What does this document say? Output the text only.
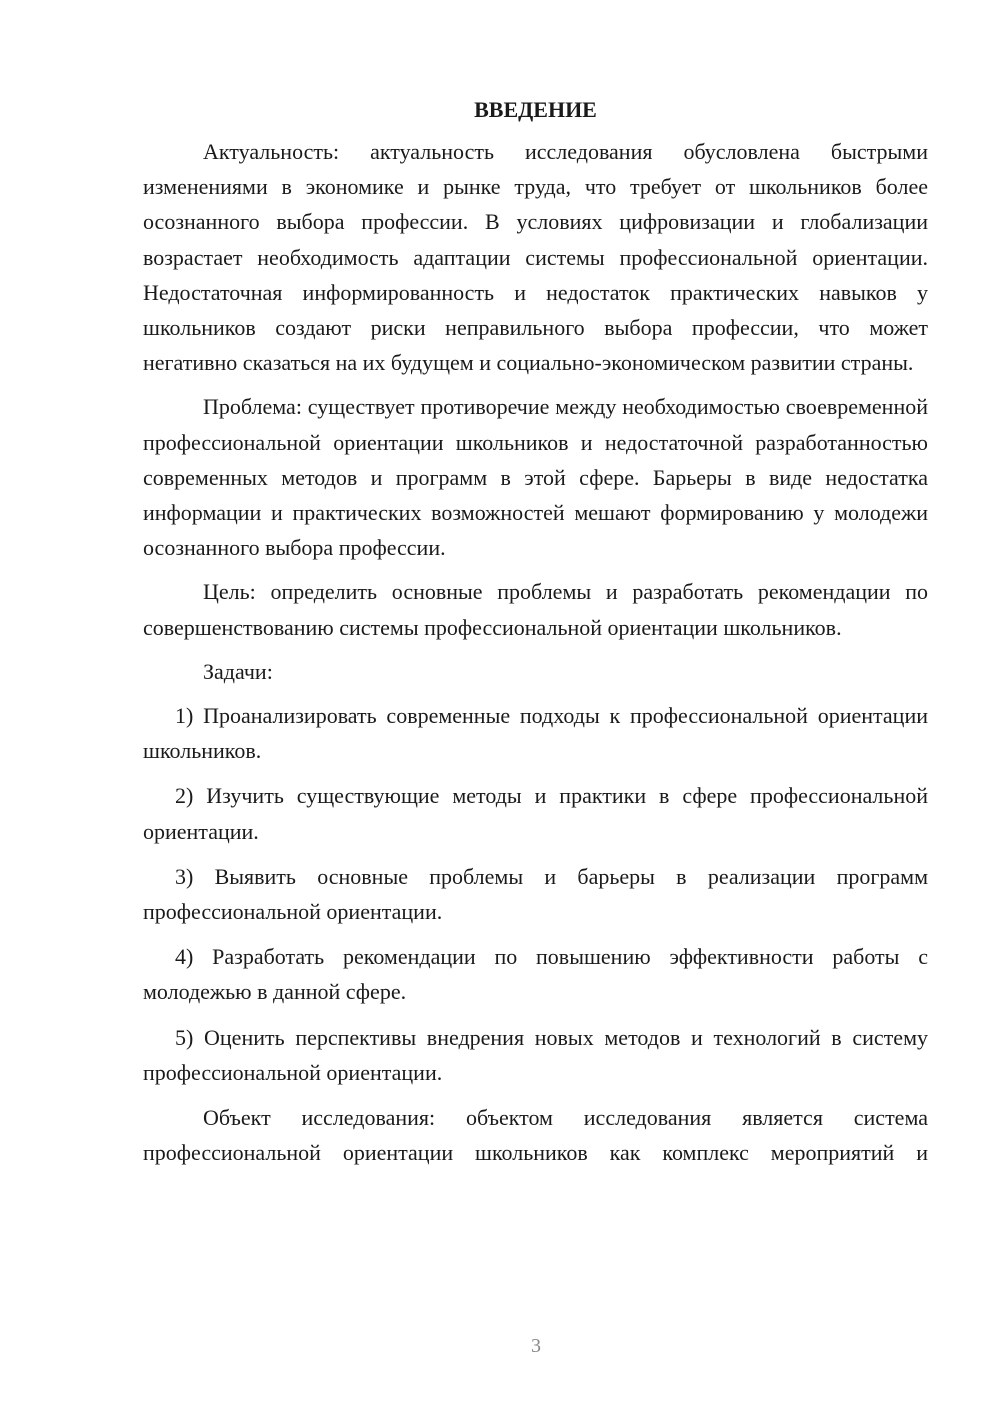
ВВЕДЕНИЕ

Актуальность: актуальность исследования обусловлена быстрыми изменениями в экономике и рынке труда, что требует от школьников более осознанного выбора профессии. В условиях цифровизации и глобализации возрастает необходимость адаптации системы профессиональной ориентации. Недостаточная информированность и недостаток практических навыков у школьников создают риски неправильного выбора профессии, что может негативно сказаться на их будущем и социально-экономическом развитии страны.

Проблема: существует противоречие между необходимостью своевременной профессиональной ориентации школьников и недостаточной разработанностью современных методов и программ в этой сфере. Барьеры в виде недостатка информации и практических возможностей мешают формированию у молодежи осознанного выбора профессии.

Цель: определить основные проблемы и разработать рекомендации по совершенствованию системы профессиональной ориентации школьников.

Задачи:

1) Проанализировать современные подходы к профессиональной ориентации школьников.

2) Изучить существующие методы и практики в сфере профессиональной ориентации.

3) Выявить основные проблемы и барьеры в реализации программ профессиональной ориентации.

4) Разработать рекомендации по повышению эффективности работы с молодежью в данной сфере.

5) Оценить перспективы внедрения новых методов и технологий в систему профессиональной ориентации.

Объект исследования: объектом исследования является система профессиональной ориентации школьников как комплекс мероприятий и

3
